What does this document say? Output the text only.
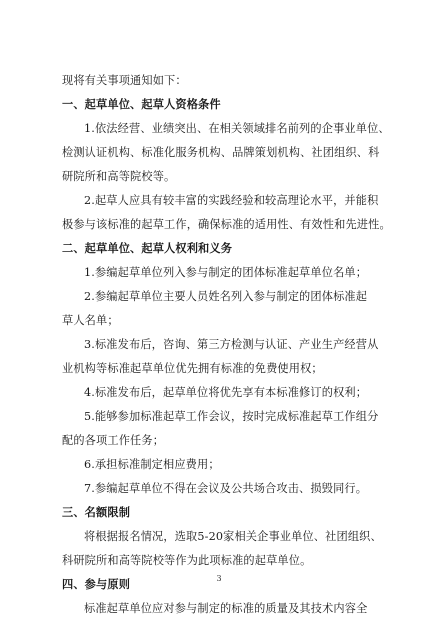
现将有关事项通知如下：
一、起草单位、起草人资格条件
1.依法经营、业绩突出、在相关领域排名前列的企事业单位、
检测认证机构、标准化服务机构、品牌策划机构、社团组织、科
研院所和高等院校等。
2.起草人应具有较丰富的实践经验和较高理论水平，并能积
极参与该标准的起草工作，确保标准的适用性、有效性和先进性。
二、起草单位、起草人权利和义务
1.参编起草单位列入参与制定的团体标准起草单位名单；
2.参编起草单位主要人员姓名列入参与制定的团体标准起
草人名单；
3.标准发布后，咨询、第三方检测与认证、产业生产经营从
业机构等标准起草单位优先拥有标准的免费使用权；
4.标准发布后，起草单位将优先享有本标准修订的权利；
5.能够参加标准起草工作会议，按时完成标准起草工作组分
配的各项工作任务；
6.承担标准制定相应费用；
7.参编起草单位不得在会议及公共场合攻击、损毁同行。
三、名额限制
将根据报名情况，选取5-20家相关企事业单位、社团组织、
科研院所和高等院校等作为此项标准的起草单位。
四、参与原则
标准起草单位应对参与制定的标准的质量及其技术内容全
3
